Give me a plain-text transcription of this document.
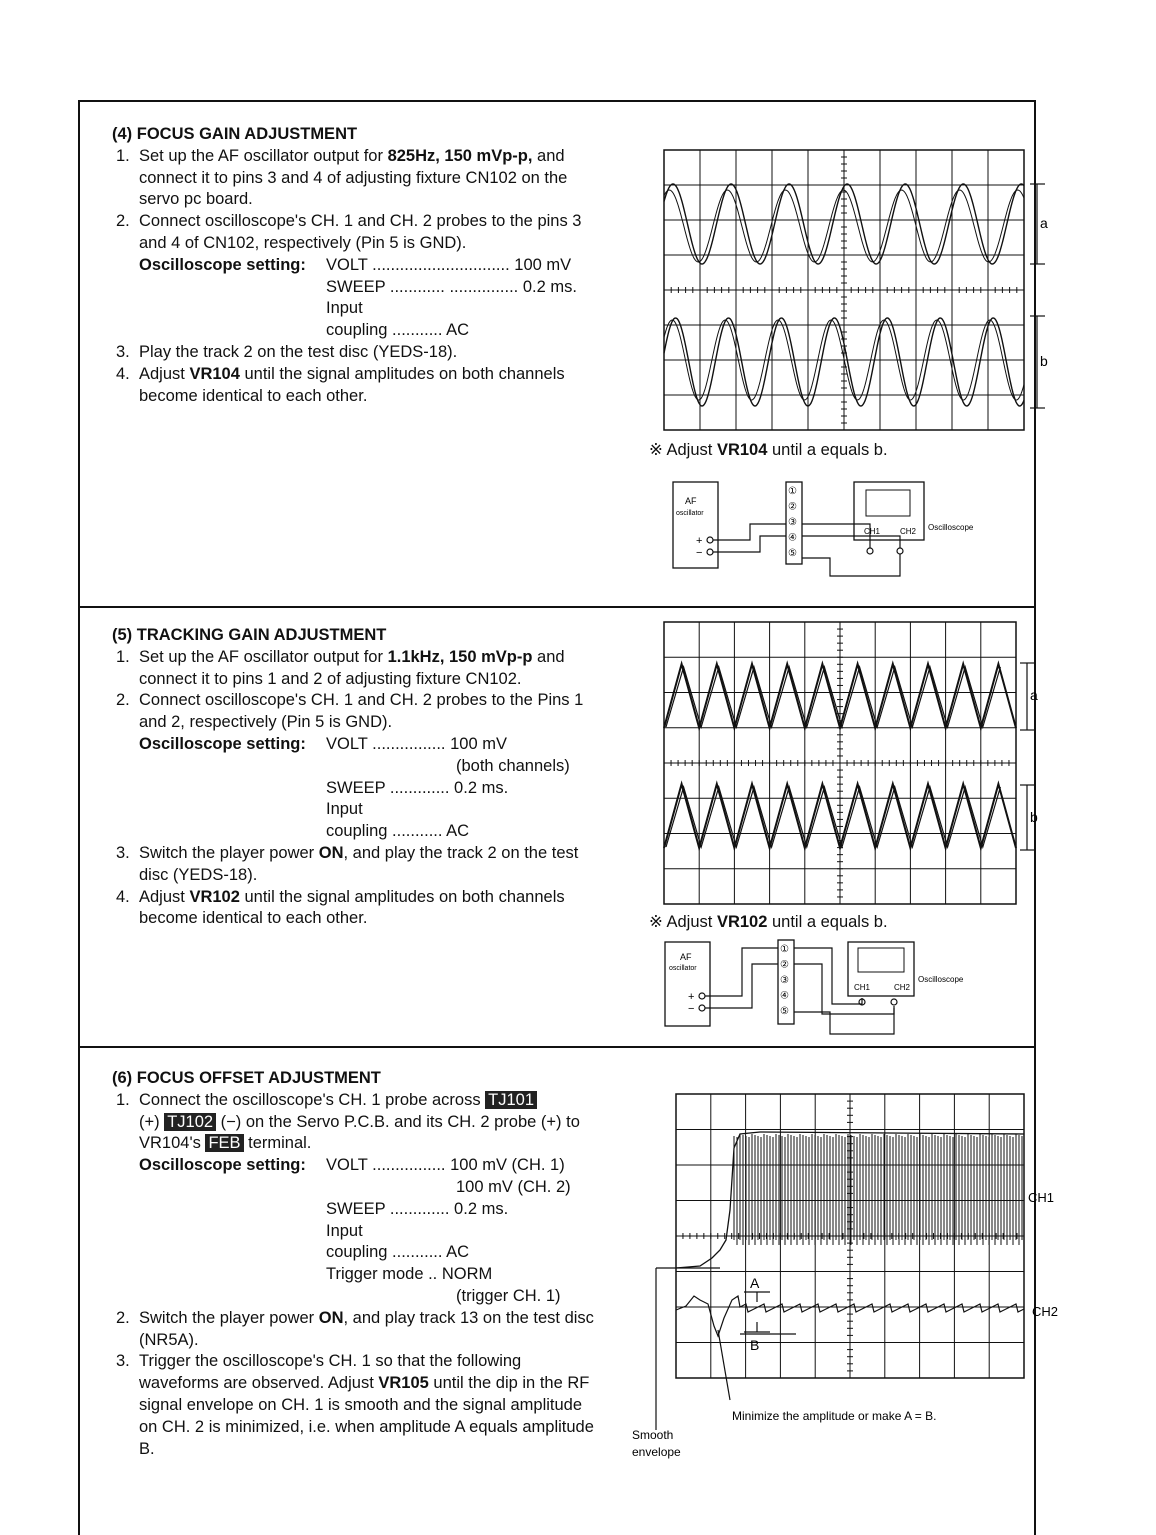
(4) FOCUS GAIN ADJUSTMENT
1. Set up the AF oscillator output for 825Hz, 150 mVp-p, and connect it to pins 3 and 4 of adjusting fixture CN102 on the servo pc board.
2. Connect oscilloscope's CH. 1 and CH. 2 probes to the pins 3 and 4 of CN102, respectively (Pin 5 is GND).
Oscilloscope setting:	VOLT .............................. 100 mV
SWEEP ............ ............... 0.2 ms.
Input
coupling ........... AC
3. Play the track 2 on the test disc (YEDS-18).
4. Adjust VR104 until the signal amplitudes on both channels become identical to each other.
a
b
※ Adjust VR104 until a equals b.
AF
oscillator
+
−
①
②
③
④
⑤
CH1 CH2 Oscilloscope
(5) TRACKING GAIN ADJUSTMENT
1. Set up the AF oscillator output for 1.1kHz, 150 mVp-p and connect it to pins 1 and 2 of adjusting fixture CN102.
2. Connect oscilloscope's CH. 1 and CH. 2 probes to the Pins 1 and 2, respectively (Pin 5 is GND).
Oscilloscope setting:	VOLT ................ 100 mV
(both channels)
SWEEP ............. 0.2 ms.
Input
coupling ........... AC
3. Switch the player power ON, and play the track 2 on the test disc (YEDS-18).
4. Adjust VR102 until the signal amplitudes on both channels become identical to each other.
a
b
※ Adjust VR102 until a equals b.
AF
oscillator
+
−
①
②
③
④
⑤
CH1	CH2
Oscilloscope
(6) FOCUS OFFSET ADJUSTMENT
1. Connect the oscilloscope's CH. 1 probe across TJ101
(+) TJ102 (−) on the Servo P.C.B. and its CH. 2 probe (+) to VR104's FEB terminal.
Oscilloscope setting:	VOLT ................ 100 mV (CH. 1)
100 mV (CH. 2)
SWEEP ............. 0.2 ms.
Input
coupling ........... AC
Trigger mode .. NORM
(trigger CH. 1)
2. Switch the player power ON, and play track 13 on the test disc (NR5A).
3. Trigger the oscilloscope's CH. 1 so that the following waveforms are observed. Adjust VR105 until the dip in the RF signal envelope on CH. 1 is smooth and the signal amplitude on CH. 2 is minimized, i.e. when amplitude A equals amplitude B.
CH1
CH2
A
B
Minimize the amplitude or make A = B.
Smooth
envelope
